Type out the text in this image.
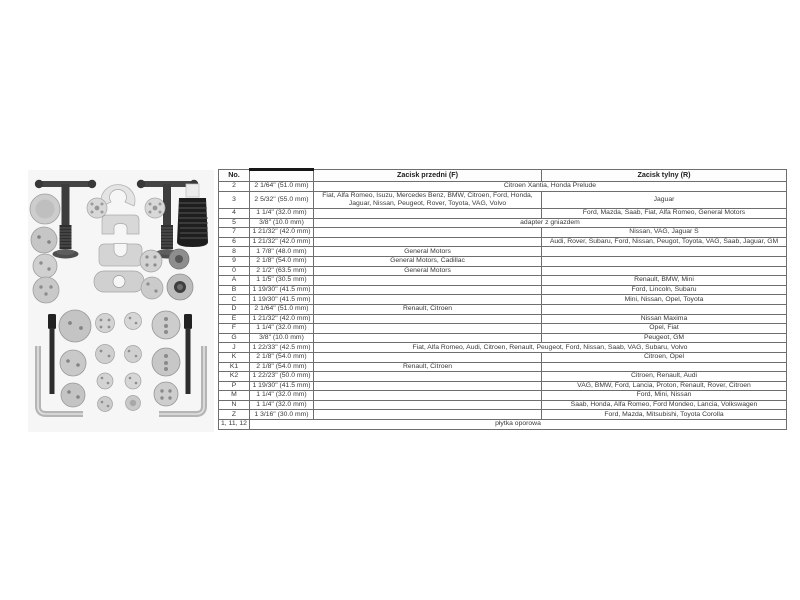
No.		Zacisk przedni (F)	Zacisk tylny (R)
2	2 1/64" (51.0 mm)	Citroen Xantia, Honda Prelude	
3	2 5/32" (55.0 mm)	Fiat, Alfa Romeo, Isuzu, Mercedes Benz, BMW, Citroen, Ford, Honda, Jaguar, Nissan, Peugeot, Rover, Toyota, VAG, Volvo	Jaguar
4	1 1/4" (32.0 mm)		Ford, Mazda, Saab, Fiat, Alfa Romeo, General Motors
5	3/8" (10.0 mm)	adapter z gniazdem	
7	1 21/32" (42.0 mm)		Nissan, VAG, Jaguar S
6	1 21/32" (42.0 mm)		Audi, Rover, Subaru, Ford, Nissan, Peugot, Toyota, VAG, Saab, Jaguar, GM
8	1 7/8" (48.0 mm)	General Motors	
9	2 1/8" (54.0 mm)	General Motors, Cadillac	
0	2 1/2" (63.5 mm)	General Motors	
A	1 1/5" (30.5 mm)		Renault, BMW, Mini
B	1 19/30" (41.5 mm)		Ford, Lincoln, Subaru
C	1 19/30" (41.5 mm)		Mini, Nissan, Opel, Toyota
D	2 1/64" (51.0 mm)	Renault, Citroen	
E	1 21/32" (42.0 mm)		Nissan Maxima
F	1 1/4" (32.0 mm)		Opel, Fiat
G	3/8" (10.0 mm)		Peugeot, GM
J	1 22/33" (42.5 mm)	Fiat, Alfa Romeo, Audi, Citroen, Renault, Peugeot, Ford, Nissan, Saab, VAG, Subaru, Volvo	
K	2 1/8" (54.0 mm)		Citroen, Opel
K1	2 1/8" (54.0 mm)	Renault, Citroen	
K2	1 22/23" (50.0 mm)		Citroen, Renault, Audi
P	1 19/30" (41.5 mm)		VAG, BMW, Ford, Lancia, Proton, Renault, Rover, Citroen
M	1 1/4" (32.0 mm)		Ford, Mini, Nissan
N	1 1/4" (32.0 mm)		Saab, Honda, Alfa Romeo, Ford Mondeo, Lancia, Volkswagen
Z	1 3/16" (30.0 mm)		Ford, Mazda, Mitsubishi, Toyota Corolla
1, 11, 12	płytka oporowa		
